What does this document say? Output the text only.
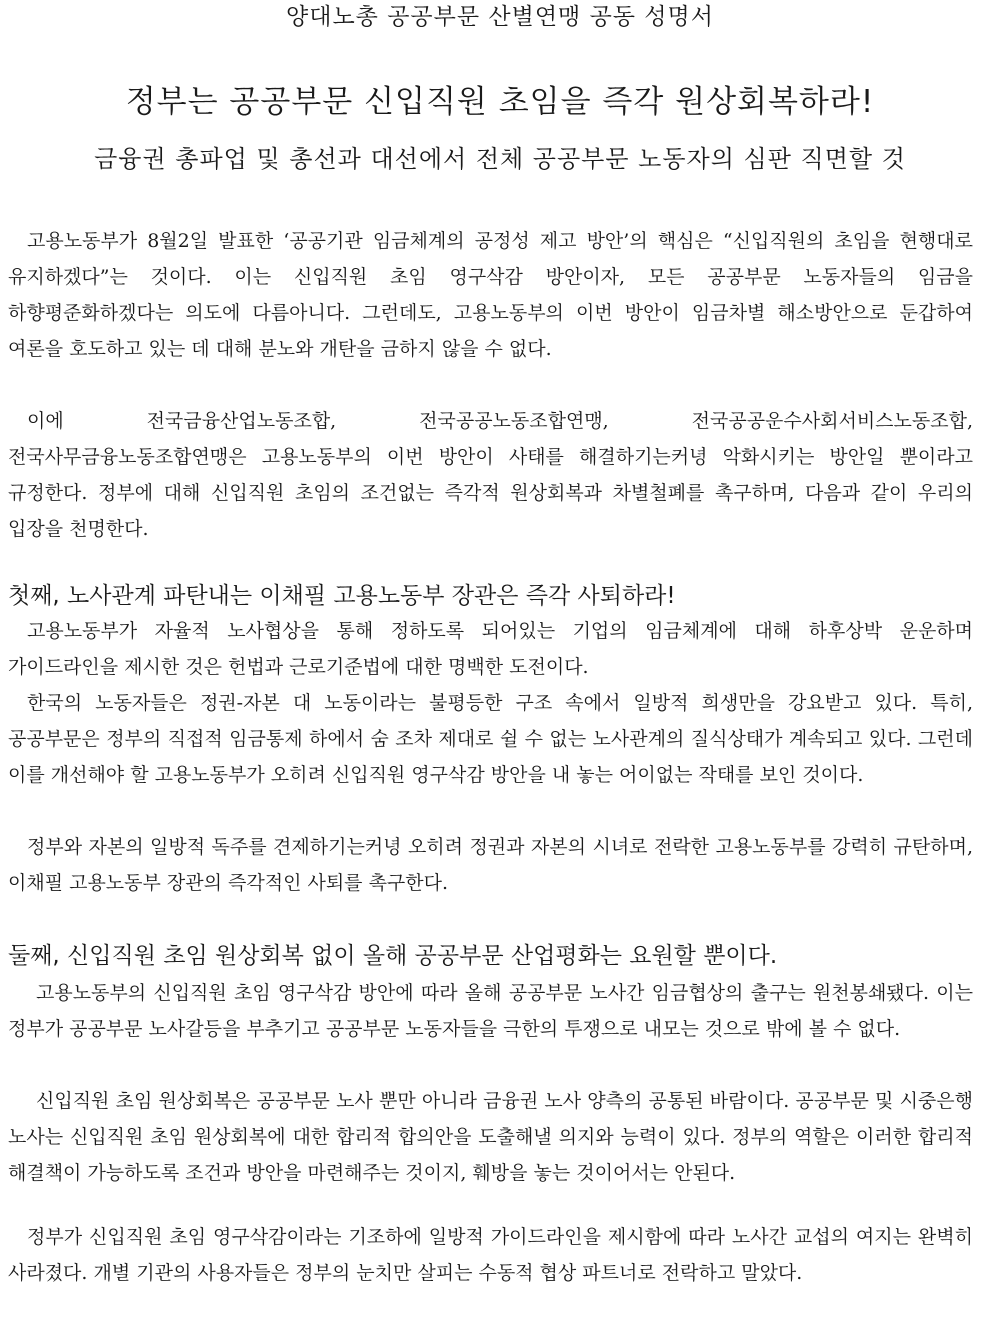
양대노총 공공부문 산별연맹 공동 성명서
정부는 공공부문 신입직원 초임을 즉각 원상회복하라!
금융권 총파업 및 총선과 대선에서 전체 공공부문 노동자의 심판 직면할 것

고용노동부가 8월2일 발표한 ‘공공기관 임금체계의 공정성 제고 방안’의 핵심은 “신입직원의 초임을 현행대로 유지하겠다”는 것이다. 이는 신입직원 초임 영구삭감 방안이자, 모든 공공부문 노동자들의 임금을 하향평준화하겠다는 의도에 다름아니다. 그런데도, 고용노동부의 이번 방안이 임금차별 해소방안으로 둔갑하여 여론을 호도하고 있는 데 대해 분노와 개탄을 금하지 않을 수 없다.

이에 전국금융산업노동조합, 전국공공노동조합연맹, 전국공공운수사회서비스노동조합, 전국사무금융노동조합연맹은 고용노동부의 이번 방안이 사태를 해결하기는커녕 악화시키는 방안일 뿐이라고 규정한다. 정부에 대해 신입직원 초임의 조건없는 즉각적 원상회복과 차별철폐를 촉구하며, 다음과 같이 우리의 입장을 천명한다.

첫째, 노사관계 파탄내는 이채필 고용노동부 장관은 즉각 사퇴하라!

고용노동부가 자율적 노사협상을 통해 정하도록 되어있는 기업의 임금체계에 대해 하후상박 운운하며 가이드라인을 제시한 것은 헌법과 근로기준법에 대한 명백한 도전이다.

한국의 노동자들은 정권-자본 대 노동이라는 불평등한 구조 속에서 일방적 희생만을 강요받고 있다. 특히, 공공부문은 정부의 직접적 임금통제 하에서 숨 조차 제대로 쉴 수 없는 노사관계의 질식상태가 계속되고 있다. 그런데 이를 개선해야 할 고용노동부가 오히려 신입직원 영구삭감 방안을 내 놓는 어이없는 작태를 보인 것이다.

정부와 자본의 일방적 독주를 견제하기는커녕 오히려 정권과 자본의 시녀로 전락한 고용노동부를 강력히 규탄하며, 이채필 고용노동부 장관의 즉각적인 사퇴를 촉구한다.

둘째, 신입직원 초임 원상회복 없이 올해 공공부문 산업평화는 요원할 뿐이다.

고용노동부의 신입직원 초임 영구삭감 방안에 따라 올해 공공부문 노사간 임금협상의 출구는 원천봉쇄됐다. 이는 정부가 공공부문 노사갈등을 부추기고 공공부문 노동자들을 극한의 투쟁으로 내모는 것으로 밖에 볼 수 없다.

신입직원 초임 원상회복은 공공부문 노사 뿐만 아니라 금융권 노사 양측의 공통된 바람이다. 공공부문 및 시중은행 노사는 신입직원 초임 원상회복에 대한 합리적 합의안을 도출해낼 의지와 능력이 있다. 정부의 역할은 이러한 합리적 해결책이 가능하도록 조건과 방안을 마련해주는 것이지, 훼방을 놓는 것이어서는 안된다.

정부가 신입직원 초임 영구삭감이라는 기조하에 일방적 가이드라인을 제시함에 따라 노사간 교섭의 여지는 완벽히 사라졌다. 개별 기관의 사용자들은 정부의 눈치만 살피는 수동적 협상 파트너로 전락하고 말았다.
